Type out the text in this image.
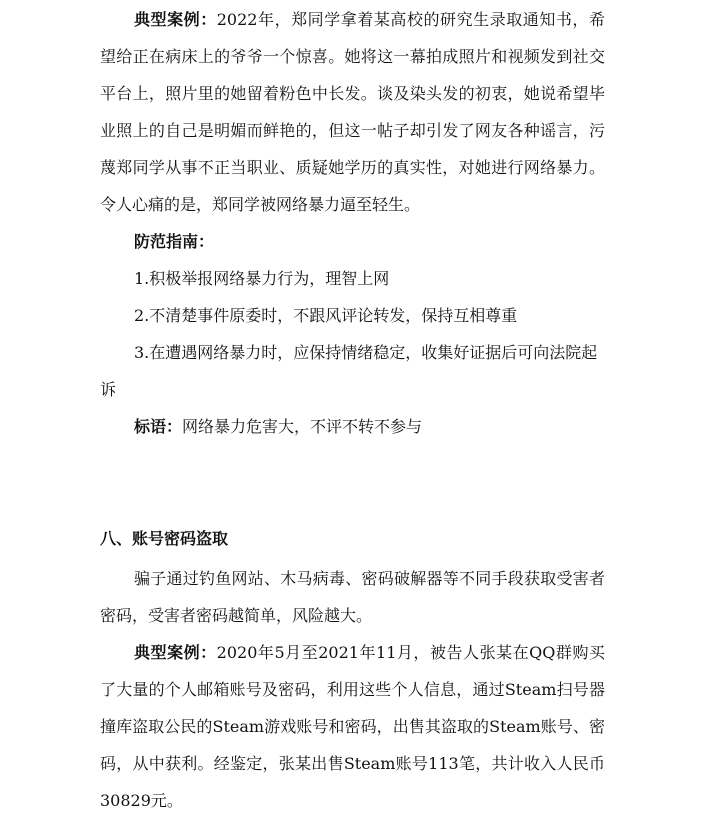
典型案例：2022年，郑同学拿着某高校的研究生录取通知书，希望给正在病床上的爷爷一个惊喜。她将这一幕拍成照片和视频发到社交平台上，照片里的她留着粉色中长发。谈及染头发的初衷，她说希望毕业照上的自己是明媚而鲜艳的，但这一帖子却引发了网友各种谣言，污蔑郑同学从事不正当职业、质疑她学历的真实性，对她进行网络暴力。令人心痛的是，郑同学被网络暴力逼至轻生。

防范指南：

1.积极举报网络暴力行为，理智上网

2.不清楚事件原委时，不跟风评论转发，保持互相尊重

3.在遭遇网络暴力时，应保持情绪稳定，收集好证据后可向法院起诉

标语：网络暴力危害大，不评不转不参与

八、账号密码盗取

骗子通过钓鱼网站、木马病毒、密码破解器等不同手段获取受害者密码，受害者密码越简单，风险越大。

典型案例：2020年5月至2021年11月，被告人张某在QQ群购买了大量的个人邮箱账号及密码，利用这些个人信息，通过Steam扫号器撞库盗取公民的Steam游戏账号和密码，出售其盗取的Steam账号、密码，从中获利。经鉴定，张某出售Steam账号113笔，共计收入人民币30829元。
